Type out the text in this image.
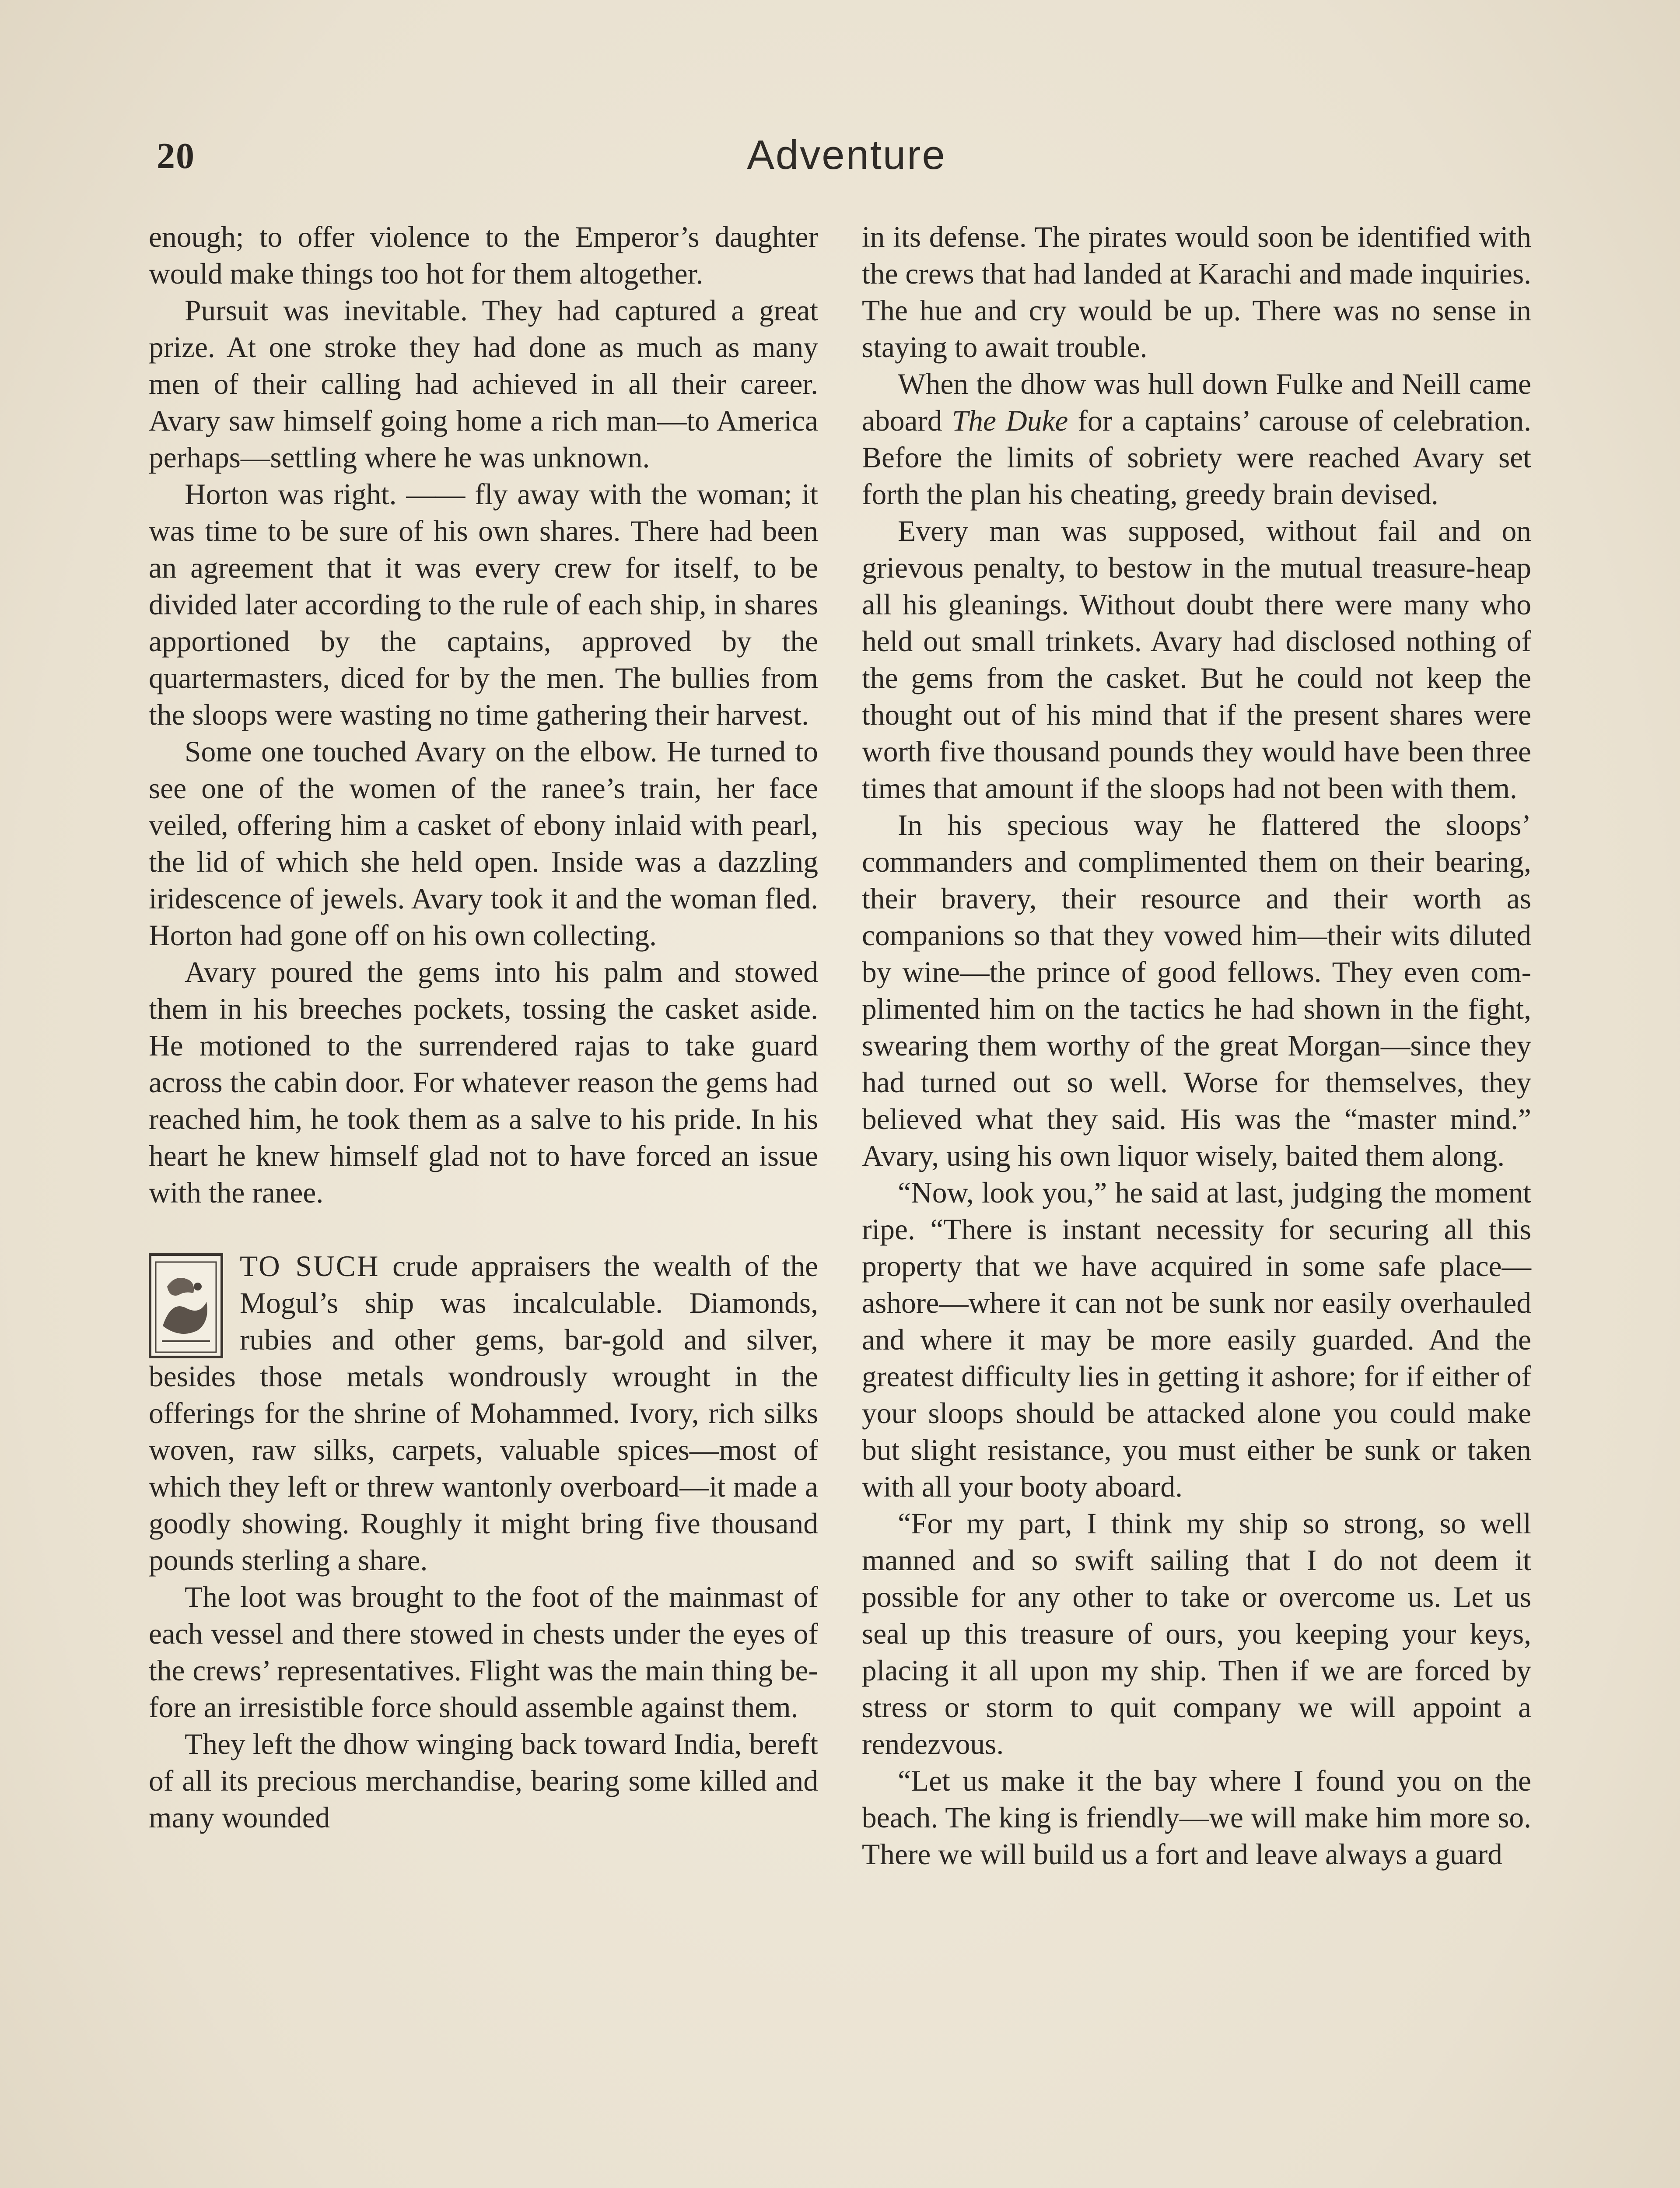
20	Adventure

enough; to offer violence to the Emperor’s daughter would make things too hot for them altogether.

Pursuit was inevitable. They had captured a great prize. At one stroke they had done as much as many men of their calling had achieved in all their career. Avary saw himself going home a rich man—to America perhaps—settling where he was unknown.

Horton was right. —— fly away with the woman; it was time to be sure of his own shares. There had been an agreement that it was every crew for itself, to be divided later according to the rule of each ship, in shares apportioned by the captains, approved by the quartermasters, diced for by the men. The bullies from the sloops were wasting no time gathering their harvest.

Some one touched Avary on the elbow. He turned to see one of the women of the ranee’s train, her face veiled, offering him a casket of ebony inlaid with pearl, the lid of which she held open. Inside was a dazzling iridescence of jewels. Avary took it and the woman fled. Horton had gone off on his own collecting.

Avary poured the gems into his palm and stowed them in his breeches pockets, tossing the casket aside. He motioned to the surrendered rajas to take guard across the cabin door. For whatever reason the gems had reached him, he took them as a salve to his pride. In his heart he knew himself glad not to have forced an issue with the ranee.

TO SUCH crude appraisers the wealth of the Mogul’s ship was incalculable. Diamonds, rubies and other gems, bar-gold and silver, besides those metals wondrously wrought in the offerings for the shrine of Mohammed. Ivory, rich silks woven, raw silks, carpets, valuable spices—most of which they left or threw wantonly overboard—it made a goodly showing. Roughly it might bring five thousand pounds sterling a share.

The loot was brought to the foot of the mainmast of each vessel and there stowed in chests under the eyes of the crews’ representatives. Flight was the main thing before an irresistible force should assemble against them.

They left the dhow winging back toward India, bereft of all its precious merchandise, bearing some killed and many wounded

in its defense. The pirates would soon be identified with the crews that had landed at Karachi and made inquiries. The hue and cry would be up. There was no sense in staying to await trouble.

When the dhow was hull down Fulke and Neill came aboard The Duke for a captains’ carouse of celebration. Before the limits of sobriety were reached Avary set forth the plan his cheating, greedy brain devised.

Every man was supposed, without fail and on grievous penalty, to bestow in the mutual treasure-heap all his gleanings. Without doubt there were many who held out small trinkets. Avary had disclosed nothing of the gems from the casket. But he could not keep the thought out of his mind that if the present shares were worth five thousand pounds they would have been three times that amount if the sloops had not been with them.

In his specious way he flattered the sloops’ commanders and complimented them on their bearing, their bravery, their resource and their worth as companions so that they vowed him—their wits diluted by wine—the prince of good fellows. They even complimented him on the tactics he had shown in the fight, swearing them worthy of the great Morgan—since they had turned out so well. Worse for themselves, they believed what they said. His was the “master mind.” Avary, using his own liquor wisely, baited them along.

“Now, look you,” he said at last, judging the moment ripe. “There is instant necessity for securing all this property that we have acquired in some safe place—ashore—where it can not be sunk nor easily overhauled and where it may be more easily guarded. And the greatest difficulty lies in getting it ashore; for if either of your sloops should be attacked alone you could make but slight resistance, you must either be sunk or taken with all your booty aboard.

“For my part, I think my ship so strong, so well manned and so swift sailing that I do not deem it possible for any other to take or overcome us. Let us seal up this treasure of ours, you keeping your keys, placing it all upon my ship. Then if we are forced by stress or storm to quit company we will appoint a rendezvous.

“Let us make it the bay where I found you on the beach. The king is friendly—we will make him more so. There we will build us a fort and leave always a guard
